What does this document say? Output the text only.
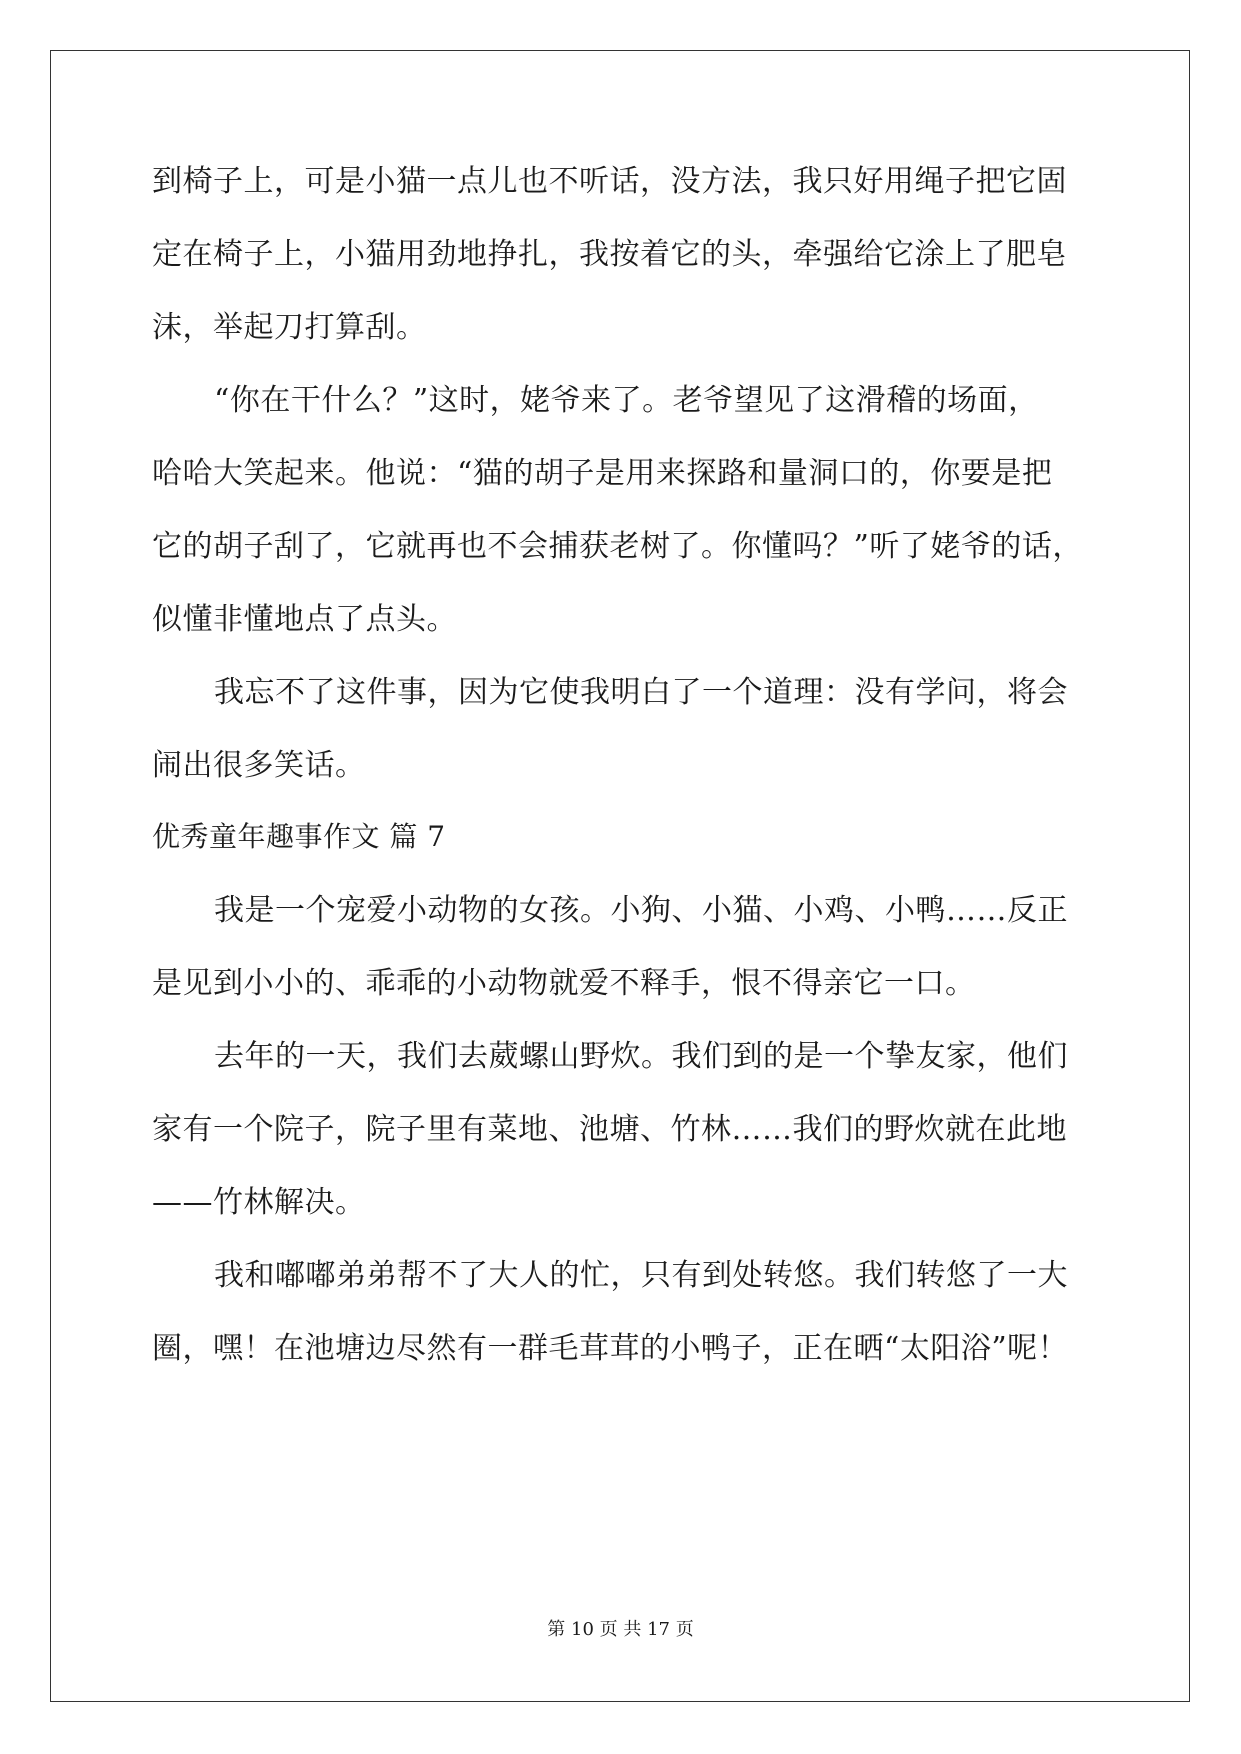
到椅子上，可是小猫一点儿也不听话，没方法，我只好用绳子把它固
定在椅子上，小猫用劲地挣扎，我按着它的头，牵强给它涂上了肥皂
沫，举起刀打算刮。
“你在干什么？”这时，姥爷来了。老爷望见了这滑稽的场面，
哈哈大笑起来。他说：“猫的胡子是用来探路和量洞口的，你要是把
它的胡子刮了，它就再也不会捕获老树了。你懂吗？”听了姥爷的话，
似懂非懂地点了点头。
我忘不了这件事，因为它使我明白了一个道理：没有学问，将会
闹出很多笑话。
优秀童年趣事作文 篇 7
我是一个宠爱小动物的女孩。小狗、小猫、小鸡、小鸭……反正
是见到小小的、乖乖的小动物就爱不释手，恨不得亲它一口。
去年的一天，我们去葳螺山野炊。我们到的是一个挚友家，他们
家有一个院子，院子里有菜地、池塘、竹林……我们的野炊就在此地
——竹林解决。
我和嘟嘟弟弟帮不了大人的忙，只有到处转悠。我们转悠了一大
圈，嘿！在池塘边尽然有一群毛茸茸的小鸭子，正在晒“太阳浴”呢！
第 10 页 共 17 页
